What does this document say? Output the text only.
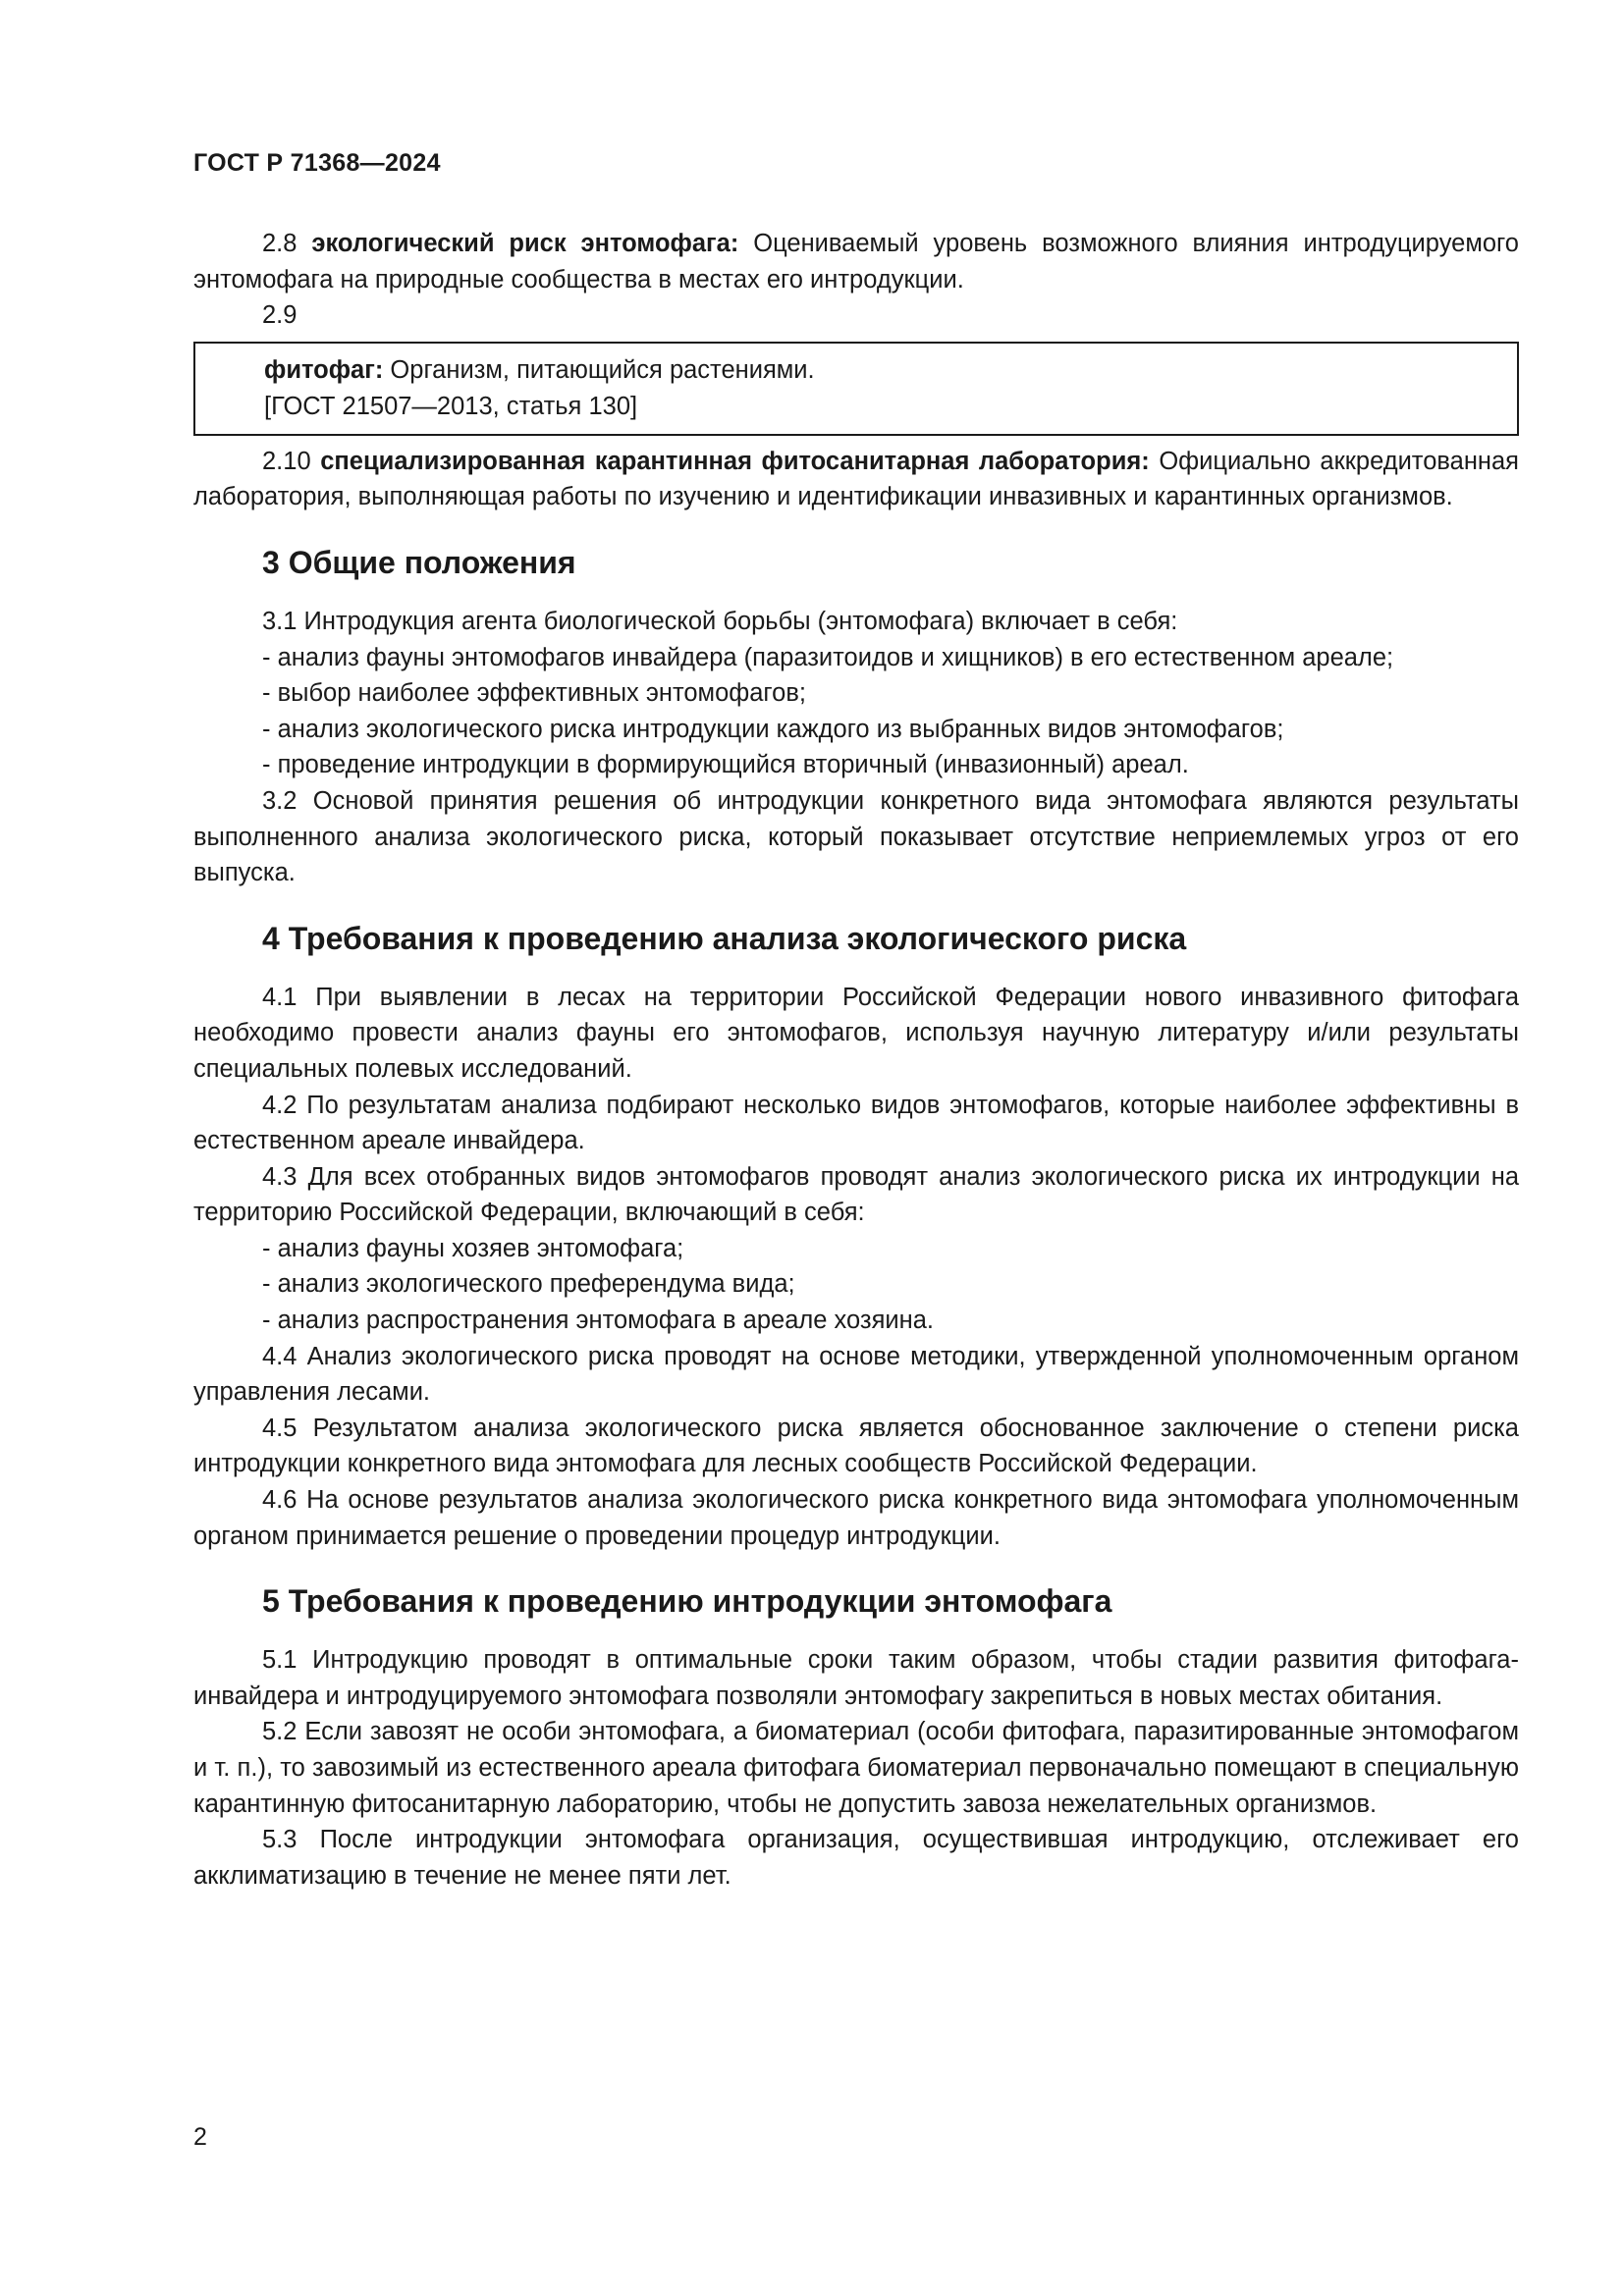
ГОСТ Р 71368—2024

2.8 экологический риск энтомофага: Оцениваемый уровень возможного влияния интродуцируемого энтомофага на природные сообщества в местах его интродукции.

2.9

фитофаг: Организм, питающийся растениями.
[ГОСТ 21507—2013, статья 130]

2.10 специализированная карантинная фитосанитарная лаборатория: Официально аккредитованная лаборатория, выполняющая работы по изучению и идентификации инвазивных и карантинных организмов.

3 Общие положения

3.1 Интродукция агента биологической борьбы (энтомофага) включает в себя:

- анализ фауны энтомофагов инвайдера (паразитоидов и хищников) в его естественном ареале;

- выбор наиболее эффективных энтомофагов;

- анализ экологического риска интродукции каждого из выбранных видов энтомофагов;

- проведение интродукции в формирующийся вторичный (инвазионный) ареал.

3.2 Основой принятия решения об интродукции конкретного вида энтомофага являются результаты выполненного анализа экологического риска, который показывает отсутствие неприемлемых угроз от его выпуска.

4 Требования к проведению анализа экологического риска

4.1 При выявлении в лесах на территории Российской Федерации нового инвазивного фитофага необходимо провести анализ фауны его энтомофагов, используя научную литературу и/или результаты специальных полевых исследований.

4.2 По результатам анализа подбирают несколько видов энтомофагов, которые наиболее эффективны в естественном ареале инвайдера.

4.3 Для всех отобранных видов энтомофагов проводят анализ экологического риска их интродукции на территорию Российской Федерации, включающий в себя:

- анализ фауны хозяев энтомофага;

- анализ экологического преферендума вида;

- анализ распространения энтомофага в ареале хозяина.

4.4 Анализ экологического риска проводят на основе методики, утвержденной уполномоченным органом управления лесами.

4.5 Результатом анализа экологического риска является обоснованное заключение о степени риска интродукции конкретного вида энтомофага для лесных сообществ Российской Федерации.

4.6 На основе результатов анализа экологического риска конкретного вида энтомофага уполномоченным органом принимается решение о проведении процедур интродукции.

5 Требования к проведению интродукции энтомофага

5.1 Интродукцию проводят в оптимальные сроки таким образом, чтобы стадии развития фитофага-инвайдера и интродуцируемого энтомофага позволяли энтомофагу закрепиться в новых местах обитания.

5.2 Если завозят не особи энтомофага, а биоматериал (особи фитофага, паразитированные энтомофагом и т. п.), то завозимый из естественного ареала фитофага биоматериал первоначально помещают в специальную карантинную фитосанитарную лабораторию, чтобы не допустить завоза нежелательных организмов.

5.3 После интродукции энтомофага организация, осуществившая интродукцию, отслеживает его акклиматизацию в течение не менее пяти лет.

2
